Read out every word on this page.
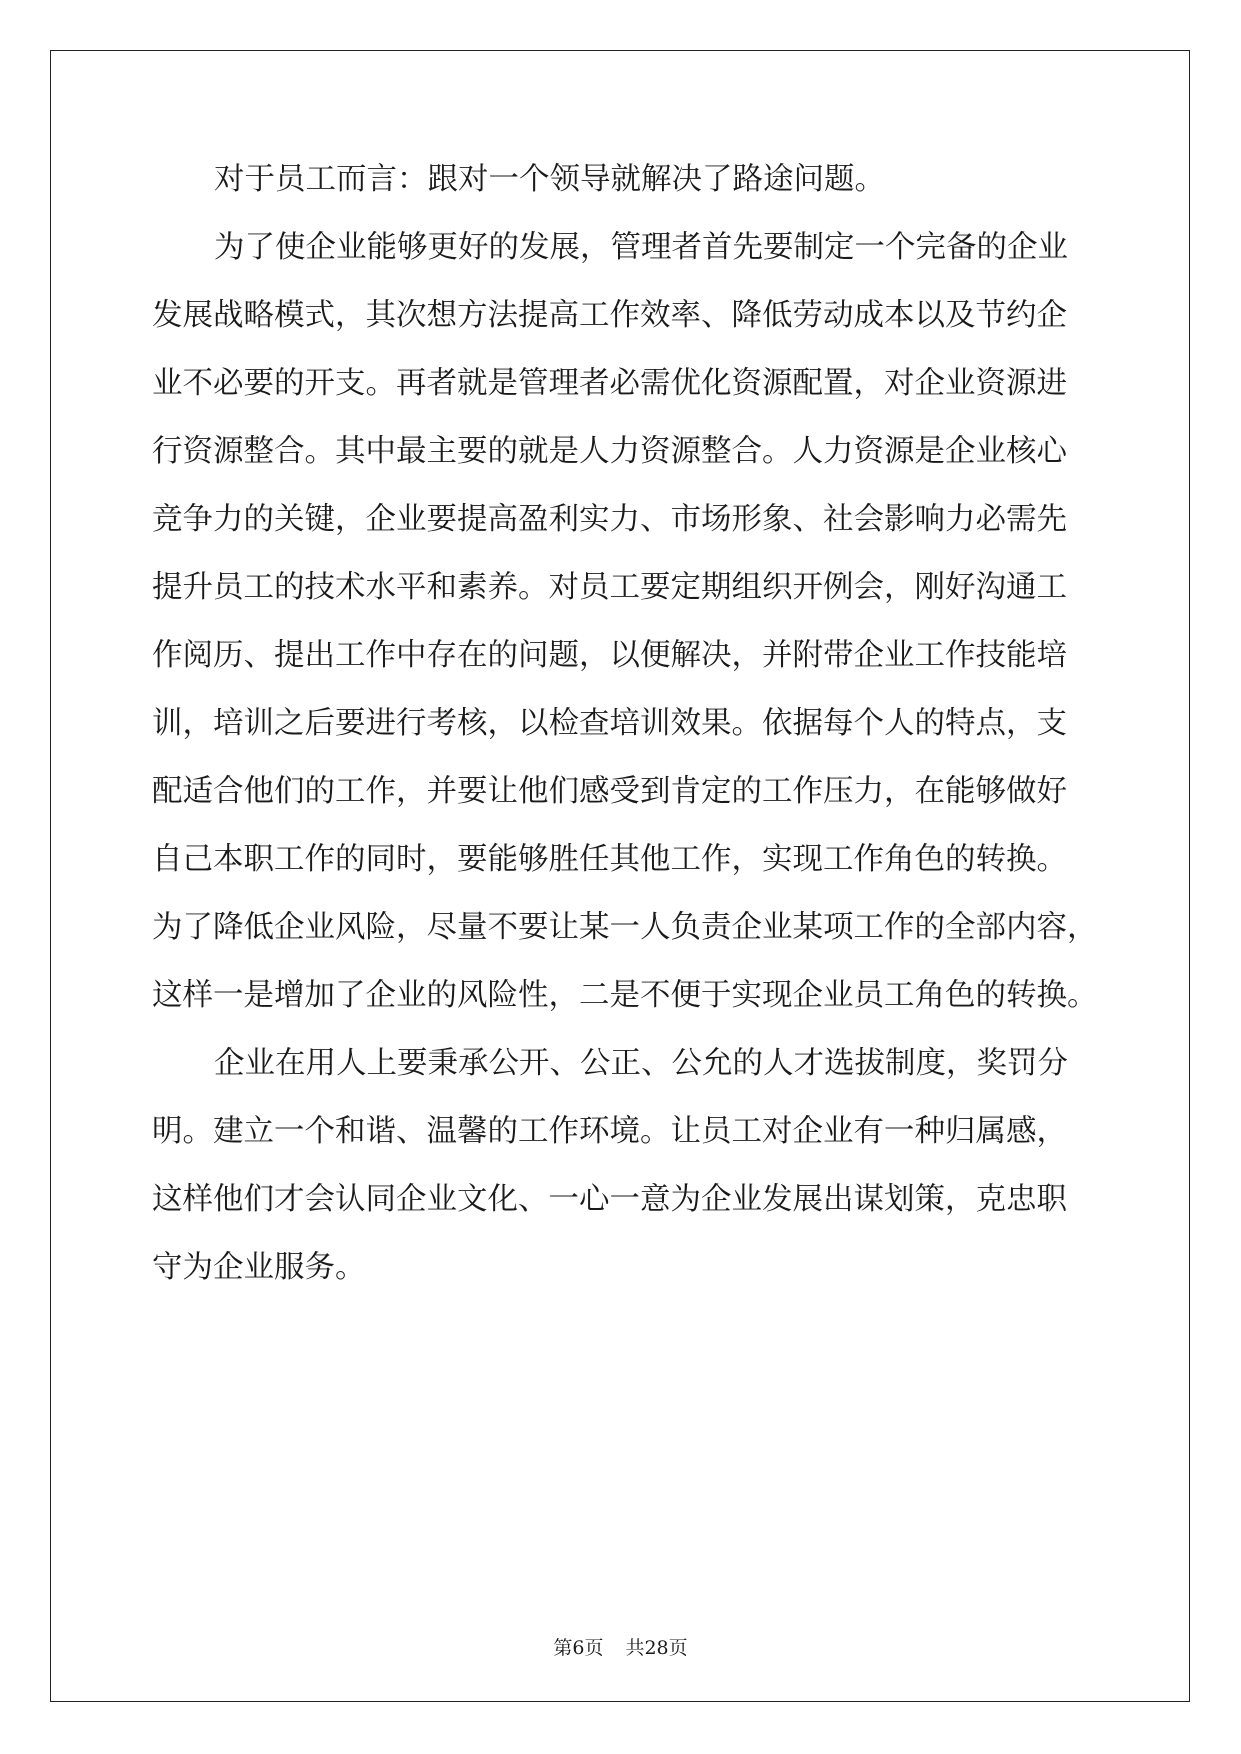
对于员工而言：跟对一个领导就解决了路途问题。
为了使企业能够更好的发展，管理者首先要制定一个完备的企业
发展战略模式，其次想方法提高工作效率、降低劳动成本以及节约企
业不必要的开支。再者就是管理者必需优化资源配置，对企业资源进
行资源整合。其中最主要的就是人力资源整合。人力资源是企业核心
竞争力的关键，企业要提高盈利实力、市场形象、社会影响力必需先
提升员工的技术水平和素养。对员工要定期组织开例会，刚好沟通工
作阅历、提出工作中存在的问题，以便解决，并附带企业工作技能培
训，培训之后要进行考核，以检查培训效果。依据每个人的特点，支
配适合他们的工作，并要让他们感受到肯定的工作压力，在能够做好
自己本职工作的同时，要能够胜任其他工作，实现工作角色的转换。
为了降低企业风险，尽量不要让某一人负责企业某项工作的全部内容，
这样一是增加了企业的风险性，二是不便于实现企业员工角色的转换。
企业在用人上要秉承公开、公正、公允的人才选拔制度，奖罚分
明。建立一个和谐、温馨的工作环境。让员工对企业有一种归属感，
这样他们才会认同企业文化、一心一意为企业发展出谋划策，克忠职
守为企业服务。
第6页 共28页
